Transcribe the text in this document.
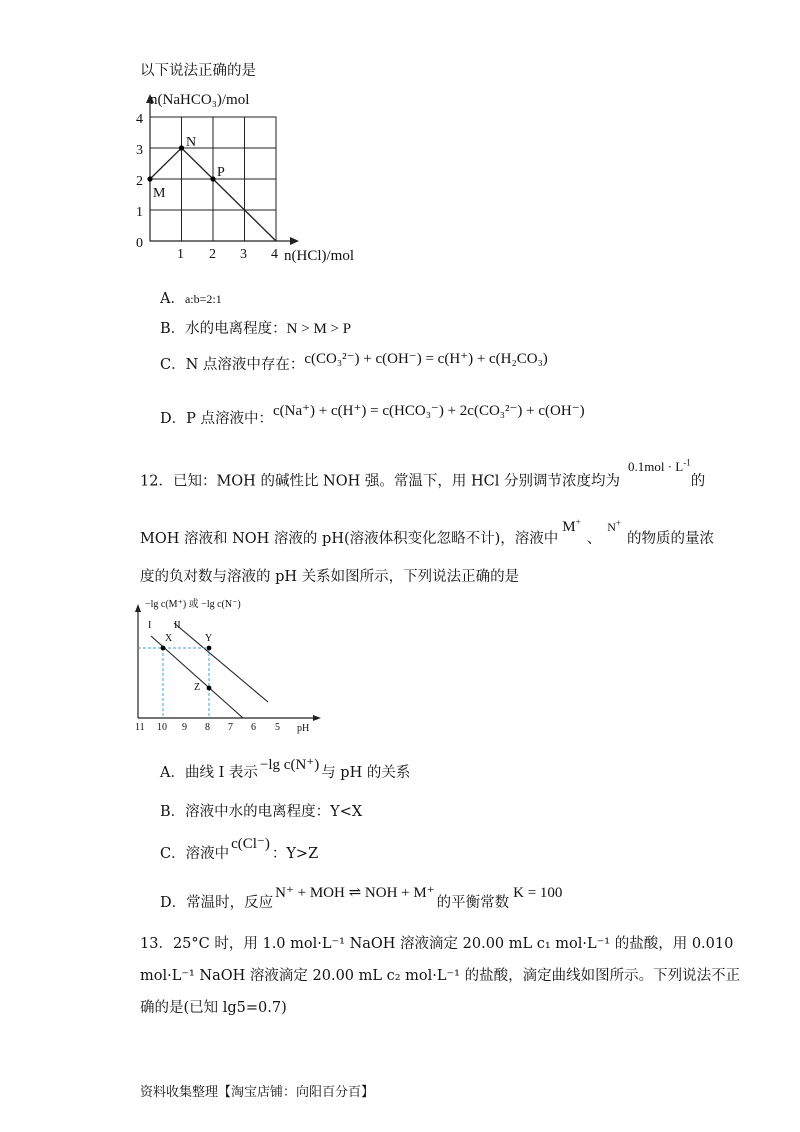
以下说法正确的是
n(NaHCO₃)/mol
0
1
2
3
4
1 2 3 4 n(HCl)/mol
M
N
P
A．a:b=2:1
B．水的电离程度：N > M > P
C．N 点溶液中存在：c(CO₃²⁻) + c(OH⁻) = c(H⁺) + c(H₂CO₃)
D．P 点溶液中：c(Na⁺) + c(H⁺) = c(HCO₃⁻) + 2c(CO₃²⁻) + c(OH⁻)
12．已知：MOH 的碱性比 NOH 强。常温下，用 HCl 分别调节浓度均为$0.1mol \cdot L^{-1}$的
MOH 溶液和 NOH 溶液的 pH(溶液体积变化忽略不计)，溶液中M+、$^{N^+}$的物质的量浓
度的负对数与溶液的 pH 关系如图所示，下列说法正确的是
−lg c(M⁺) 或 −lg c(N⁻)
I II
X	Y
Z
11 10 9 8 7 6 5 pH
A．曲线 I 表示 −lg c(N⁺) 与 pH 的关系
B．溶液中水的电离程度：Y<X
C．溶液中c(Cl⁻)：Y>Z
D．常温时，反应N⁺ + MOH ⇌ NOH + M⁺的平衡常数K = 100
13．25°C 时，用 1.0 mol·L⁻¹ NaOH 溶液滴定 20.00 mL c₁ mol·L⁻¹ 的盐酸，用 0.010
mol·L⁻¹ NaOH 溶液滴定 20.00 mL c₂ mol·L⁻¹ 的盐酸，滴定曲线如图所示。下列说法不正
确的是(已知 lg5=0.7)
资料收集整理【淘宝店铺：向阳百分百】
